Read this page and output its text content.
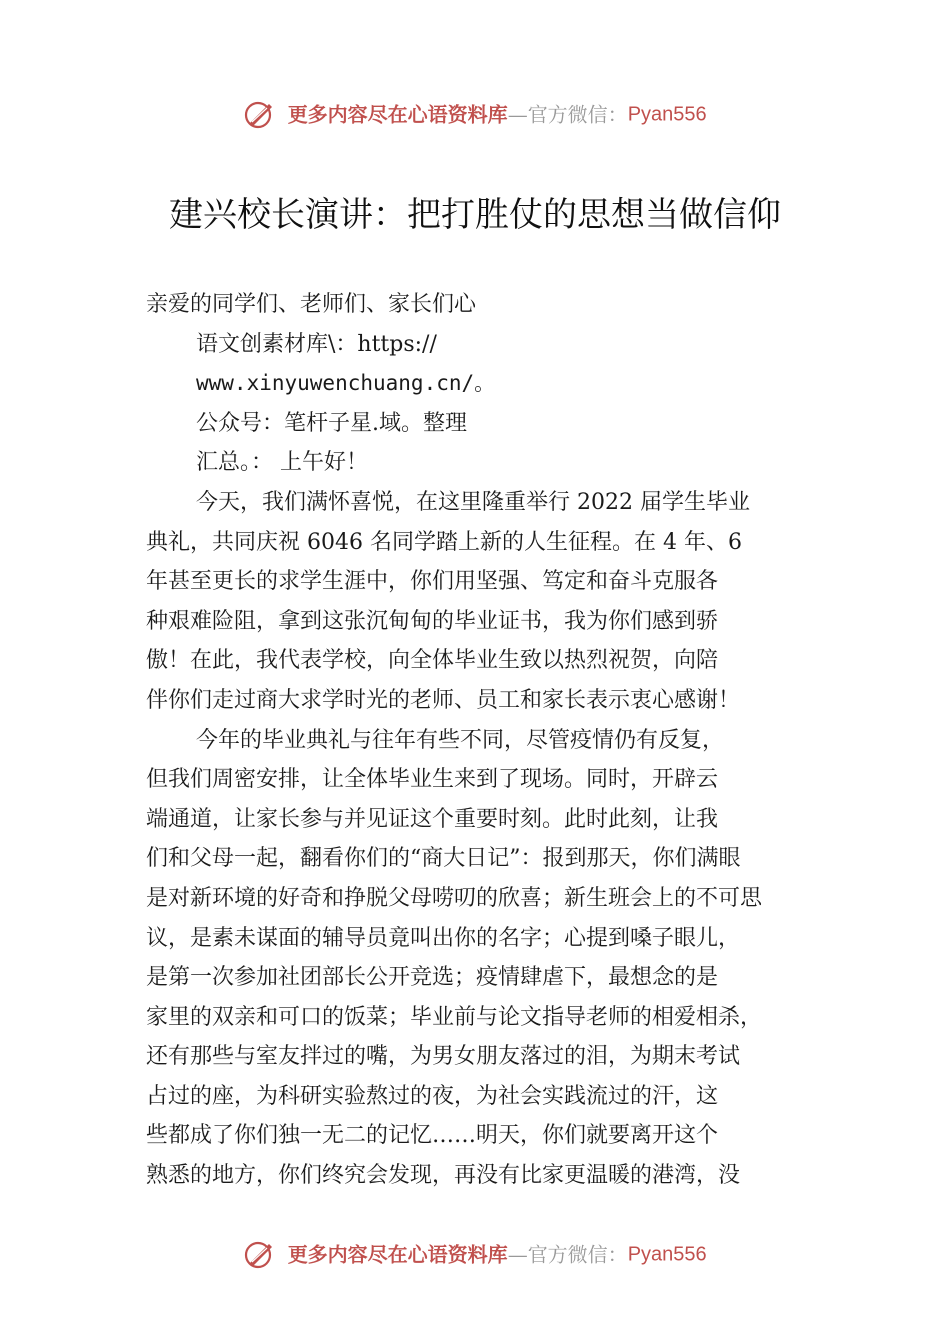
更多内容尽在心语资料库—官方微信：Pyan556
建兴校长演讲：把打胜仗的思想当做信仰
亲爱的同学们、老师们、家长们心
语文创素材库\：https://
www.xinyuwenchuang.cn/。
公众号：笔杆子星.域。整理
汇总。： 上午好！
今天，我们满怀喜悦，在这里隆重举行 2022 届学生毕业
典礼，共同庆祝 6046 名同学踏上新的人生征程。在 4 年、6
年甚至更长的求学生涯中，你们用坚强、笃定和奋斗克服各
种艰难险阻，拿到这张沉甸甸的毕业证书，我为你们感到骄
傲！在此，我代表学校，向全体毕业生致以热烈祝贺，向陪
伴你们走过商大求学时光的老师、员工和家长表示衷心感谢！
今年的毕业典礼与往年有些不同，尽管疫情仍有反复，
但我们周密安排，让全体毕业生来到了现场。同时，开辟云
端通道，让家长参与并见证这个重要时刻。此时此刻，让我
们和父母一起，翻看你们的“商大日记”：报到那天，你们满眼
是对新环境的好奇和挣脱父母唠叨的欣喜；新生班会上的不可思
议，是素未谋面的辅导员竟叫出你的名字；心提到嗓子眼儿，
是第一次参加社团部长公开竞选；疫情肆虐下，最想念的是
家里的双亲和可口的饭菜；毕业前与论文指导老师的相爱相杀，
还有那些与室友拌过的嘴，为男女朋友落过的泪，为期末考试
占过的座，为科研实验熬过的夜，为社会实践流过的汗，这
些都成了你们独一无二的记忆……明天，你们就要离开这个
熟悉的地方，你们终究会发现，再没有比家更温暖的港湾，没
更多内容尽在心语资料库—官方微信：Pyan556
